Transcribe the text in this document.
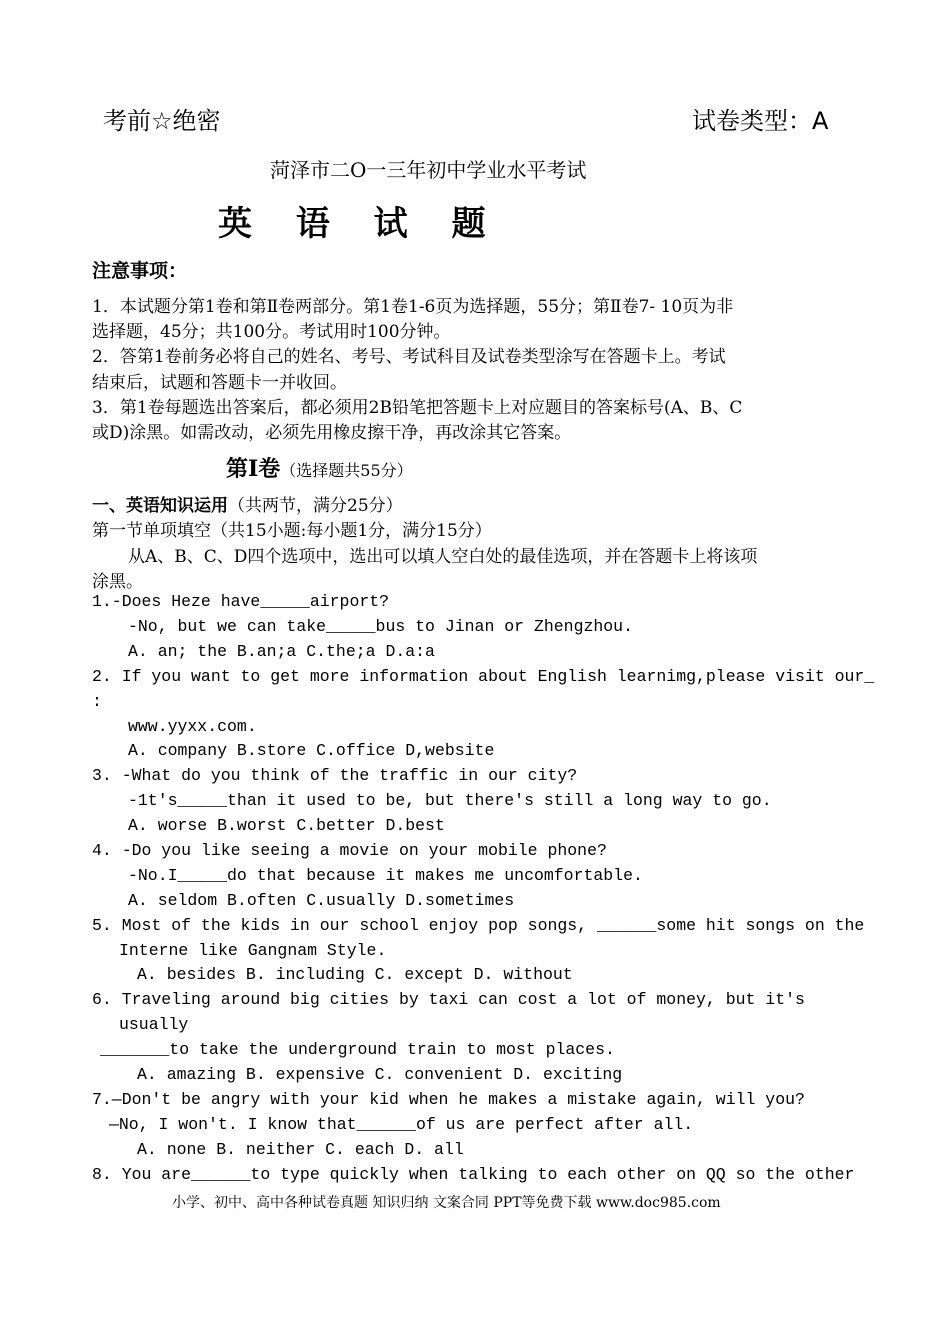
考前☆绝密	试卷类型：A
菏泽市二O一三年初中学业水平考试
英 语 试 题
注意事项：
1．本试题分第1卷和第Ⅱ卷两部分。第1卷1-6页为选择题，55分；第Ⅱ卷7- 10页为非
选择题，45分；共100分。考试用时100分钟。
2．答第1卷前务必将自己的姓名、考号、考试科目及试卷类型涂写在答题卡上。考试
结束后，试题和答题卡一并收回。
3．第1卷每题选出答案后，都必须用2B铅笔把答题卡上对应题目的答案标号(A、B、C
或D)涂黑。如需改动，必须先用橡皮擦干净，再改涂其它答案。
第Ⅰ卷（选择题共55分）
一、英语知识运用（共两节，满分25分）
第一节单项填空（共15小题:每小题1分，满分15分）
从A、B、C、D四个选项中，选出可以填人空白处的最佳选项，并在答题卡上将该项
涂黑。
1.-Does Heze have_____airport?
-No, but we can take_____bus to Jinan or Zhengzhou.
A. an; the B.an;a C.the;a D.a:a
2. If you want to get more information about English learnimg,please visit our_
:
www.yyxx.com.
A. company B.store C.office D,website
3. -What do you think of the traffic in our city?
-1t's_____than it used to be, but there's still a long way to go.
A. worse B.worst C.better D.best
4. -Do you like seeing a movie on your mobile phone?
-No.I_____do that because it makes me uncomfortable.
A. seldom B.often C.usually D.sometimes
5. Most of the kids in our school enjoy pop songs, ______some hit songs on the
Interne like Gangnam Style.
A. besides B. including C. except D. without
6. Traveling around big cities by taxi can cost a lot of money, but it's
usually
_______to take the underground train to most places.
A. amazing B. expensive C. convenient D. exciting
7.—Don't be angry with your kid when he makes a mistake again, will you?
—No, I won't. I know that______of us are perfect after all.
A. none B. neither C. each D. all
8. You are______to type quickly when talking to each other on QQ so the other
小学、初中、高中各种试卷真题 知识归纳 文案合同 PPT等免费下载 www.doc985.com
